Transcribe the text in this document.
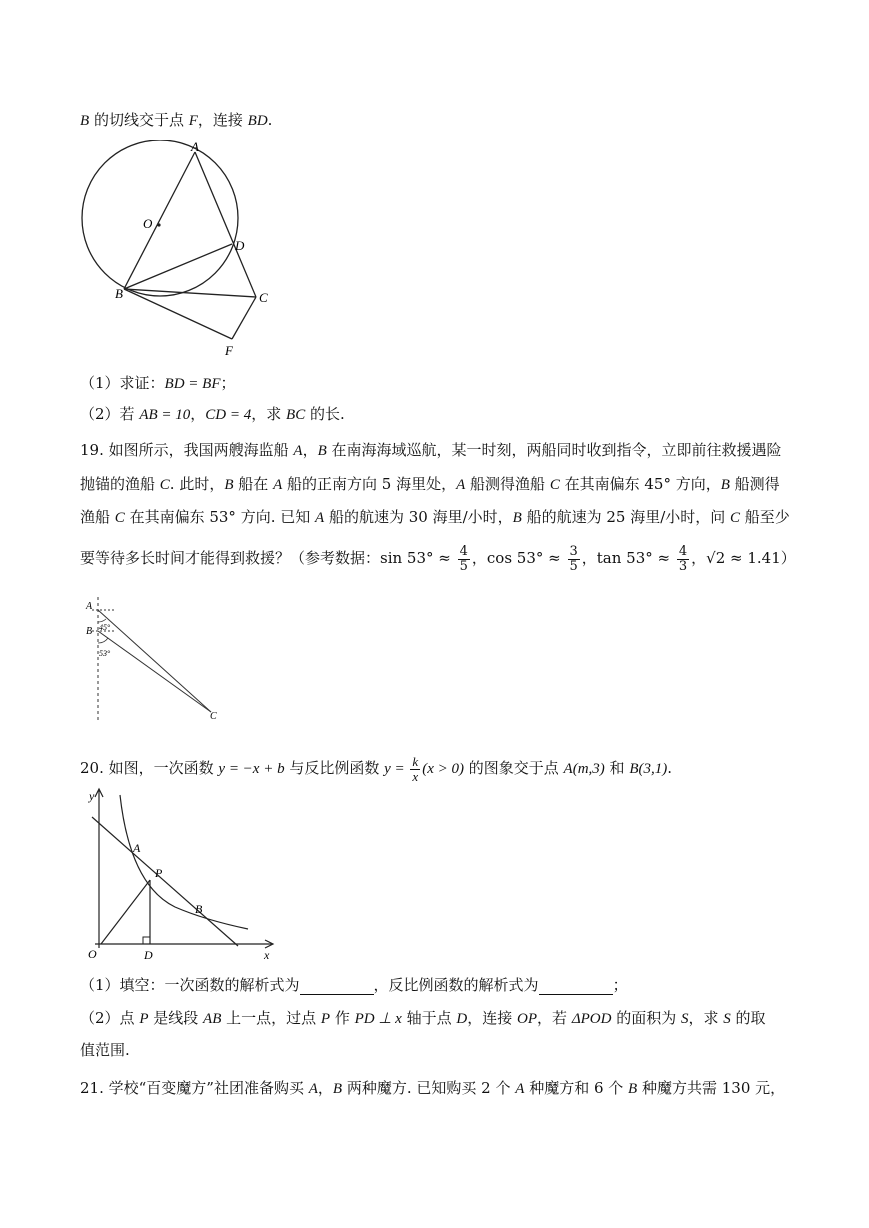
B 的切线交于点 F，连接 BD.
A
O
D
B	C
F
（1）求证：BD = BF；
（2）若 AB = 10，CD = 4，求 BC 的长.
19. 如图所示，我国两艘海监船 A，B 在南海海域巡航，某一时刻，两船同时收到指令，立即前往救援遇险
抛锚的渔船 C. 此时，B 船在 A 船的正南方向 5 海里处，A 船测得渔船 C 在其南偏东 45° 方向，B 船测得
渔船 C 在其南偏东 53° 方向. 已知 A 船的航速为 30 海里/小时，B 船的航速为 25 海里/小时，问 C 船至少
要等待多长时间才能得到救援？（参考数据：$\sin 53^\circ \approx \frac{4}{5}$ ，$\cos 53^\circ \approx \frac{3}{5}$ ，$\tan 53^\circ \approx \frac{4}{3}$ ，√2 ≈ 1.41）
A
B 45°
53°
C
20. 如图，一次函数 y = −x + b 与反比例函数 $y = \frac{k}{x} (x > 0)$ 的图象交于点 A(m,3) 和 B(3,1).
y
x
O
A
P
B
D
（1）填空：一次函数的解析式为	，反比例函数的解析式为	；
（2）点 P 是线段 AB 上一点，过点 P 作 PD ⊥ x 轴于点 D，连接 OP，若 ΔPOD 的面积为 S，求 S 的取
值范围.
21. 学校“百变魔方”社团准备购买 A，B 两种魔方. 已知购买 2 个 A 种魔方和 6 个 B 种魔方共需 130 元，
